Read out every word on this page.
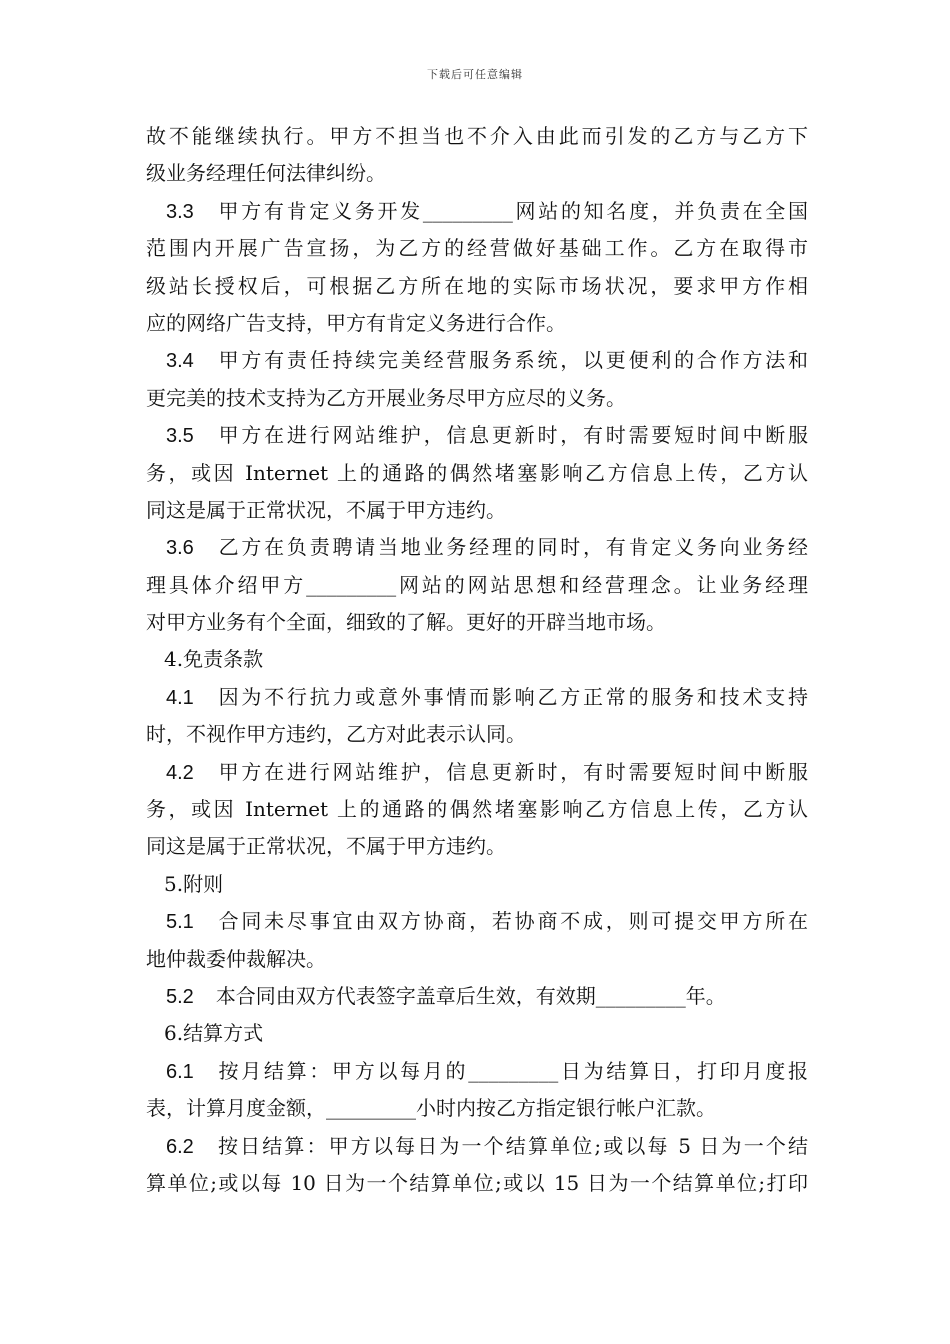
下载后可任意编辑
故不能继续执行。甲方不担当也不介入由此而引发的乙方与乙方下
级业务经理任何法律纠纷。
3.3 甲方有肯定义务开发_________网站的知名度，并负责在全国
范围内开展广告宣扬，为乙方的经营做好基础工作。乙方在取得市
级站长授权后，可根据乙方所在地的实际市场状况，要求甲方作相
应的网络广告支持，甲方有肯定义务进行合作。
3.4 甲方有责任持续完美经营服务系统，以更便利的合作方法和
更完美的技术支持为乙方开展业务尽甲方应尽的义务。
3.5 甲方在进行网站维护，信息更新时，有时需要短时间中断服
务，或因 Internet 上的通路的偶然堵塞影响乙方信息上传，乙方认
同这是属于正常状况，不属于甲方违约。
3.6 乙方在负责聘请当地业务经理的同时，有肯定义务向业务经
理具体介绍甲方_________网站的网站思想和经营理念。让业务经理
对甲方业务有个全面，细致的了解。更好的开辟当地市场。
4.免责条款
4.1 因为不行抗力或意外事情而影响乙方正常的服务和技术支持
时，不视作甲方违约，乙方对此表示认同。
4.2 甲方在进行网站维护，信息更新时，有时需要短时间中断服
务，或因 Internet 上的通路的偶然堵塞影响乙方信息上传，乙方认
同这是属于正常状况，不属于甲方违约。
5.附则
5.1 合同未尽事宜由双方协商，若协商不成，则可提交甲方所在
地仲裁委仲裁解决。
5.2 本合同由双方代表签字盖章后生效，有效期_________年。
6.结算方式
6.1 按月结算：甲方以每月的_________日为结算日，打印月度报
表，计算月度金额，_________小时内按乙方指定银行帐户汇款。
6.2 按日结算：甲方以每日为一个结算单位;或以每 5 日为一个结
算单位;或以每 10 日为一个结算单位;或以 15 日为一个结算单位;打印
